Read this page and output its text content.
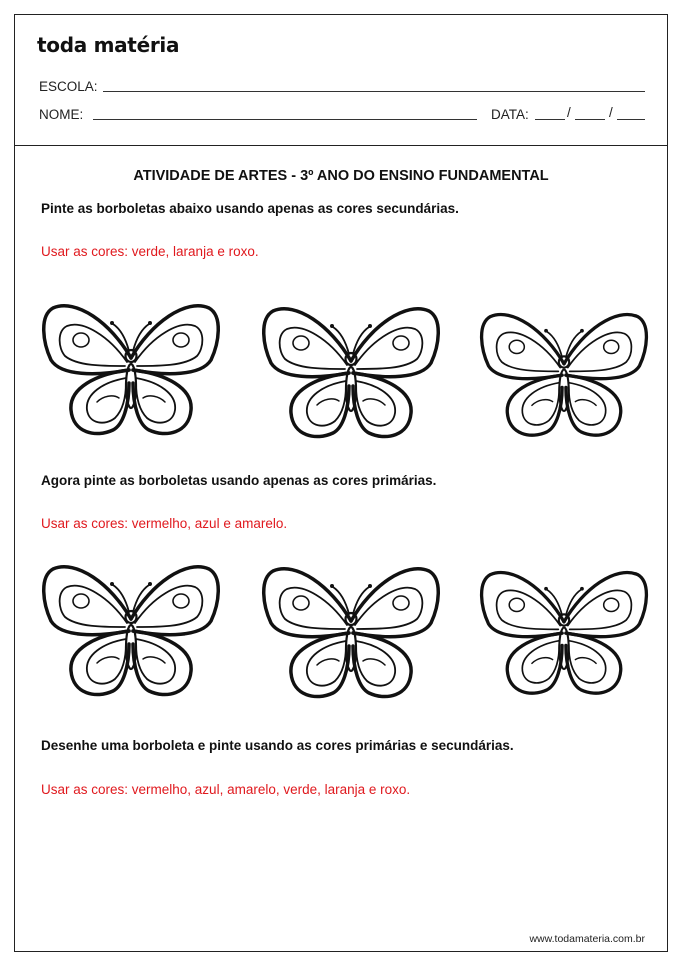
toda matéria
ESCOLA:
NOME:	DATA:	/	/
ATIVIDADE DE ARTES - 3º ANO DO ENSINO FUNDAMENTAL
Pinte as borboletas abaixo usando apenas as cores secundárias.
Usar as cores: verde, laranja e roxo.
Agora pinte as borboletas usando apenas as cores primárias.
Usar as cores: vermelho, azul e amarelo.
Desenhe uma borboleta e pinte usando as cores primárias e secundárias.
Usar as cores: vermelho, azul, amarelo, verde, laranja e roxo.
www.todamateria.com.br
